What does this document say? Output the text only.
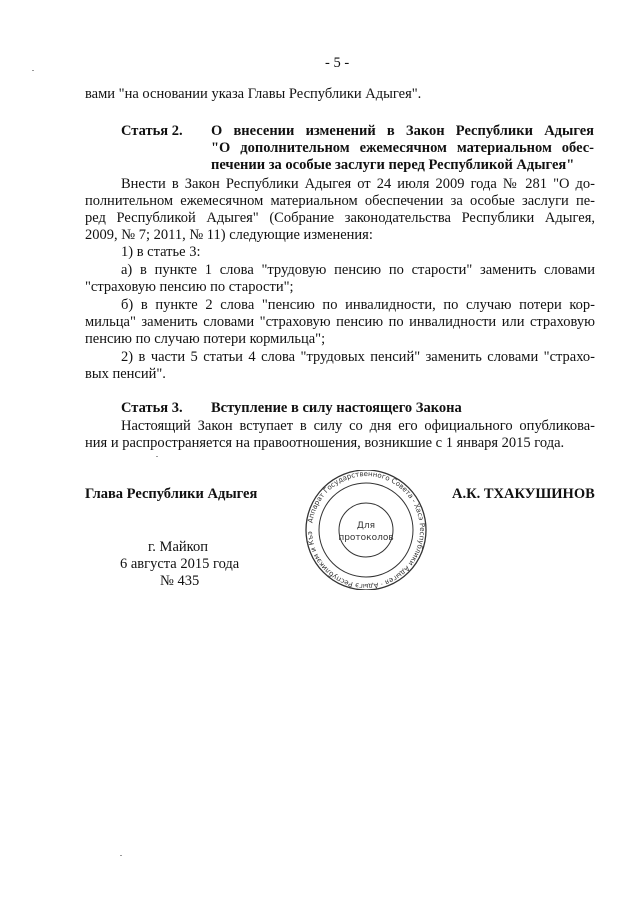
- 5 -
вами "на основании указа Главы Республики Адыгея".
Статья 2. О внесении изменений в Закон Республики Адыгея
"О дополнительном ежемесячном материальном обес-
печении за особые заслуги перед Республикой Адыгея"
Внести в Закон Республики Адыгея от 24 июля 2009 года № 281 "О до-
полнительном ежемесячном материальном обеспечении за особые заслуги пе-
ред Республикой Адыгея" (Собрание законодательства Республики Адыгея,
2009, № 7; 2011, № 11) следующие изменения:
1) в статье 3:
а) в пункте 1 слова "трудовую пенсию по старости" заменить словами
"страховую пенсию по старости";
б) в пункте 2 слова "пенсию по инвалидности, по случаю потери кор-
мильца" заменить словами "страховую пенсию по инвалидности или страховую
пенсию по случаю потери кормильца";
2) в части 5 статьи 4 слова "трудовых пенсий" заменить словами "страхо-
вых пенсий".
Статья 3. Вступление в силу настоящего Закона
Настоящий Закон вступает в силу со дня его официального опубликова-
ния и распространяется на правоотношения, возникшие с 1 января 2015 года.
Глава Республики Адыгея	А.К. ТХАКУШИНОВ
г. Майкоп
6 августа 2015 года
№ 435
Аппарат Государственного Совета - Хасэ Республики Адыгея · Адыгэ Республикэм и Къэ
Для
протоколов
